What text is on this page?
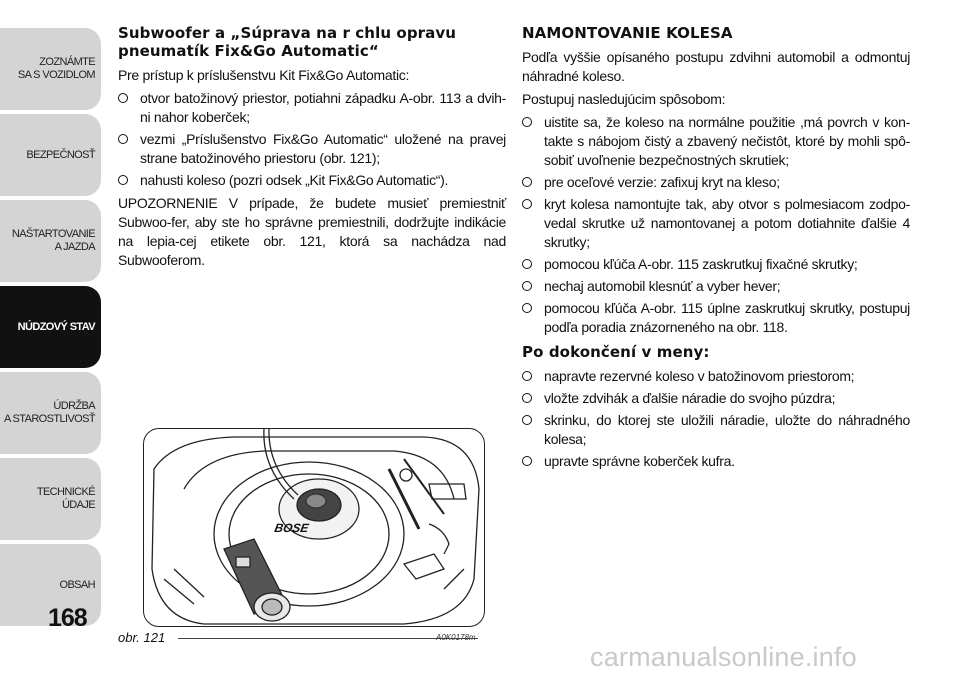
ZOZNÁMTE
SA S VOZIDLOM
BEZPEČNOSŤ
NAŠTARTOVANIE
A JAZDA
NÚDZOVÝ STAV
ÚDRŽBA
A STAROSTLIVOSŤ
TECHNICKÉ
ÚDAJE
OBSAH
168
Subwoofer a „Súprava na r chlu opravu pneumatík Fix&Go Automatic“

Pre prístup k príslušenstvu Kit Fix&Go Automatic:

otvor batožinový priestor, potiahni západku A-obr. 113 a dvih-ni nahor koberček;
vezmi „Príslušenstvo Fix&Go Automatic“ uložené na pravej strane batožinového priestoru (obr. 121);
nahusti koleso (pozri odsek „Kit Fix&Go Automatic“).

UPOZORNENIE V prípade, že budete musieť premiestniť Subwoo-fer, aby ste ho správne premiestnili, dodržujte indikácie na lepia-cej etikete obr. 121, ktorá sa nachádza nad Subwooferom.

NAMONTOVANIE KOLESA

Podľa vyššie opísaného postupu zdvihni automobil a odmontuj náhradné koleso.

Postupuj nasledujúcim spôsobom:

uistite sa, že koleso na normálne použitie ,má povrch v kon-takte s nábojom čistý a zbavený nečistôt, ktoré by mohli spô-sobiť uvoľnenie bezpečnostných skrutiek;
pre oceľové verzie: zafixuj kryt na kleso;
kryt kolesa namontujte tak, aby otvor s polmesiacom zodpo-vedal skrutke už namontovanej a potom dotiahnite ďalšie 4 skrutky;
pomocou kľúča A-obr. 115 zaskrutkuj fixačné skrutky;
nechaj automobil klesnúť a vyber hever;
pomocou kľúča A-obr. 115 úplne zaskrutkuj skrutky, postupuj podľa poradia znázorneného na obr. 118.
Po dokončení v meny:
napravte rezervné koleso v batožinovom priestorom;
vložte zdvihák a ďalšie náradie do svojho púzdra;
skrinku, do ktorej ste uložili náradie, uložte do náhradného kolesa;
upravte správne koberček kufra.
BOSE
obr. 121	A0K0178m
carmanualsonline.info
